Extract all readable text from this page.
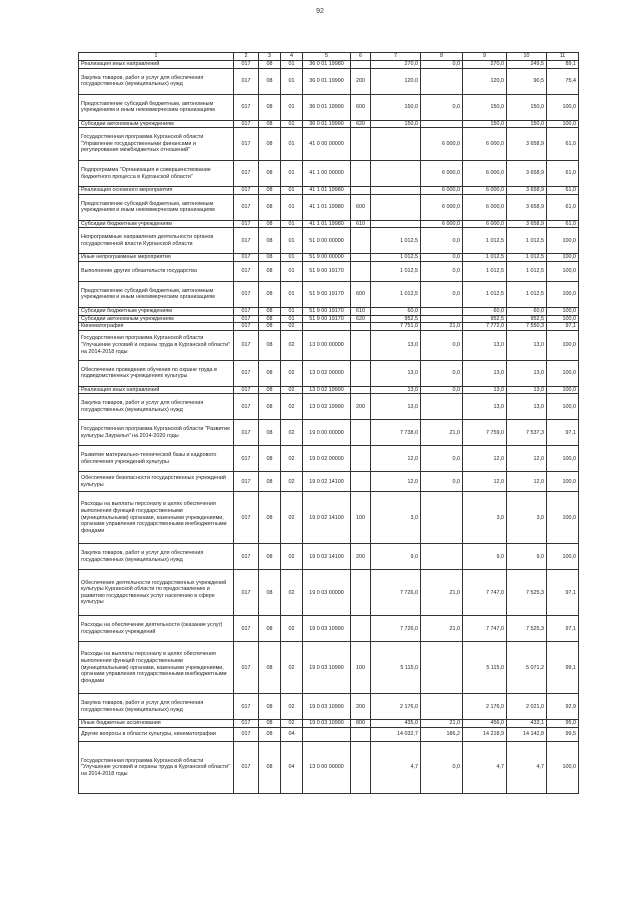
92
1	2	3	4	5	6	7	8	9	10	11
Реализация иных направлений	017	08	01	36 0 01 19980		270,0	0,0	270,0	249,5	89,1
Закупка товаров, работ и услуг для обеспечения государственных (муниципальных) нужд	017	08	01	36 0 01 19990	200	120,0		120,0	90,5	75,4
Предоставление субсидий бюджетным, автономным учреждениям и иным некоммерческим организациям	017	08	01	36 0 01 19990	600	150,0	0,0	150,0	150,0	100,0
Субсидии автономным учреждениям	017	08	01	36 0 01 19990	620	150,0		150,0	150,0	100,0
Государственная программа Курганской области "Управление государственными финансами и регулирование межбюджетных отношений"	017	08	01	41 0 00 00000			6 000,0	6 000,0	3 658,9	61,0
Подпрограмма "Организация и совершенствование бюджетного процесса в Курганской области"	017	08	01	41 1 00 00000			6 000,0	6 000,0	3 658,9	61,0
Реализация основного мероприятия	017	08	01	41 1 01 19980			6 000,0	6 000,0	3 658,9	61,0
Предоставление субсидий бюджетным, автономным учреждениям и иным некоммерческим организациям	017	08	01	41 1 01 19980	600		6 000,0	6 000,0	3 658,9	61,0
Субсидии бюджетным учреждениям	017	08	01	41 1 01 19980	610		6 000,0	6 000,0	3 658,9	61,0
Непрограммные направления деятельности органов государственной власти Курганской области	017	08	01	51 0 00 00000		1 012,5	0,0	1 012,5	1 012,5	100,0
Иные непрограммные мероприятия	017	08	01	51 9 00 00000		1 012,5	0,0	1 012,5	1 012,5	100,0
Выполнение других обязательств государства	017	08	01	51 9 00 19170		1 012,5	0,0	1 012,5	1 012,5	100,0
Предоставление субсидий бюджетным, автономным учреждениям и иным некоммерческим организациям	017	08	01	51 9 00 19170	600	1 012,5	0,0	1 012,5	1 012,5	100,0
Субсидии бюджетным учреждениям	017	08	01	51 9 00 19170	610	60,0		60,0	60,0	100,0
Субсидии автономным учреждениям	017	08	01	51 9 00 19170	620	952,5		952,5	952,5	100,0
Кинематография	017	08	02			7 751,0	21,0	7 772,0	7 550,3	97,1
Государственная программа Курганской области "Улучшение условий и охраны труда в Курганской области" на 2014-2018 годы	017	08	02	13 0 00 00000		13,0	0,0	13,0	13,0	100,0
Обеспечение проведения обучения по охране труда в подведомственных учреждениях культуры	017	08	02	13 0 02 00000		13,0	0,0	13,0	13,0	100,0
Реализация иных направлений	017	08	02	13 0 02 19990		13,0	0,0	13,0	13,0	100,0
Закупка товаров, работ и услуг для обеспечения государственных (муниципальных) нужд	017	08	02	13 0 02 19990	200	13,0		13,0	13,0	100,0
Государственная программа Курганской области "Развитие культуры Зауралья" на 2014-2020 годы	017	08	02	19 0 00 00000		7 738,0	21,0	7 759,0	7 537,3	97,1
Развитие материально-технической базы и кадрового обеспечения учреждений культуры	017	08	02	19 0 02 00000		12,0	0,0	12,0	12,0	100,0
Обеспечение безопасности государственных учреждений культуры	017	08	02	19 0 02 14100		12,0	0,0	12,0	12,0	100,0
Расходы на выплаты персоналу в целях обеспечения выполнения функций государственными (муниципальными) органами, казенными учреждениями, органами управления государственными внебюджетными фондами	017	08	02	19 0 02 14100	100	3,0		3,0	3,0	100,0
Закупка товаров, работ и услуг для обеспечения государственных (муниципальных) нужд	017	08	02	19 0 02 14100	200	9,0		9,0	9,0	100,0
Обеспечение деятельности государственных учреждений культуры Курганской области по предоставлению и развитию государственных услуг населению в сфере культуры	017	08	02	19 0 03 00000		7 726,0	21,0	7 747,0	7 525,3	97,1
Расходы на обеспечение деятельности (оказание услуг) государственных учреждений	017	08	02	19 0 03 10990		7 726,0	21,0	7 747,0	7 525,3	97,1
Расходы на выплаты персоналу в целях обеспечения выполнения функций государственными (муниципальными) органами, казенными учреждениями, органами управления государственными внебюджетными фондами	017	08	02	19 0 03 10990	100	5 115,0		5 115,0	5 071,2	99,1
Закупка товаров, работ и услуг для обеспечения государственных (муниципальных) нужд	017	08	02	19 0 03 10990	200	2 176,0		2 176,0	2 021,0	92,9
Иные бюджетные ассигнования	017	08	02	19 0 03 10990	800	435,0	21,0	456,0	433,1	95,0
Другие вопросы в области культуры, кинематографии	017	08	04			14 032,7	186,2	14 218,9	14 142,8	99,5
Государственная программа Курганской области "Улучшение условий и охраны труда в Курганской области" на 2014-2018 годы	017	08	04	13 0 00 00000		4,7	0,0	4,7	4,7	100,0
